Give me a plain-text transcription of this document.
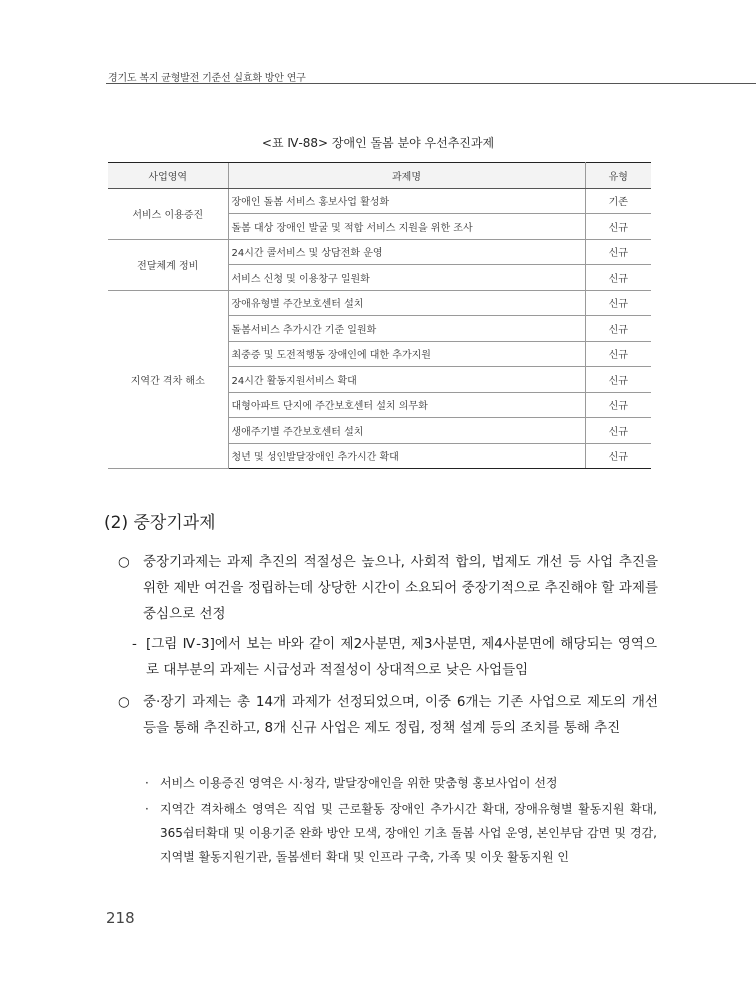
경기도 복지 균형발전 기준선 실효화 방안 연구
<표 Ⅳ-88> 장애인 돌봄 분야 우선추진과제
사업영역	과제명	유형
서비스 이용증진	장애인 돌봄 서비스 홍보사업 활성화	기존
	돌봄 대상 장애인 발굴 및 적합 서비스 지원을 위한 조사	신규
전달체계 정비	24시간 콜서비스 및 상담전화 운영	신규
	서비스 신청 및 이용창구 일원화	신규
지역간 격차 해소	장애유형별 주간보호센터 설치	신규
	돌봄서비스 추가시간 기준 일원화	신규
	최중증 및 도전적행동 장애인에 대한 추가지원	신규
	24시간 활동지원서비스 확대	신규
	대형아파트 단지에 주간보호센터 설치 의무화	신규
	생애주기별 주간보호센터 설치	신규
	청년 및 성인발달장애인 추가시간 확대	신규
(2) 중장기과제
○ 중장기과제는 과제 추진의 적절성은 높으나, 사회적 합의, 법제도 개선 등 사업 추진을 위한 제반 여건을 정립하는데 상당한 시간이 소요되어 중장기적으로 추진해야 할 과제를 중심으로 선정
- [그림 Ⅳ-3]에서 보는 바와 같이 제2사분면, 제3사분면, 제4사분면에 해당되는 영역으로 대부분의 과제는 시급성과 적절성이 상대적으로 낮은 사업들임
○ 중·장기 과제는 총 14개 과제가 선정되었으며, 이중 6개는 기존 사업으로 제도의 개선 등을 통해 추진하고, 8개 신규 사업은 제도 정립, 정책 설계 등의 조치를 통해 추진
· 서비스 이용증진 영역은 시·청각, 발달장애인을 위한 맞춤형 홍보사업이 선정
· 지역간 격차해소 영역은 직업 및 근로활동 장애인 추가시간 확대, 장애유형별 활동지원 확대, 365쉼터확대 및 이용기준 완화 방안 모색, 장애인 기초 돌봄 사업 운영, 본인부담 감면 및 경감, 지역별 활동지원기관, 돌봄센터 확대 및 인프라 구축, 가족 및 이웃 활동지원 인
218
